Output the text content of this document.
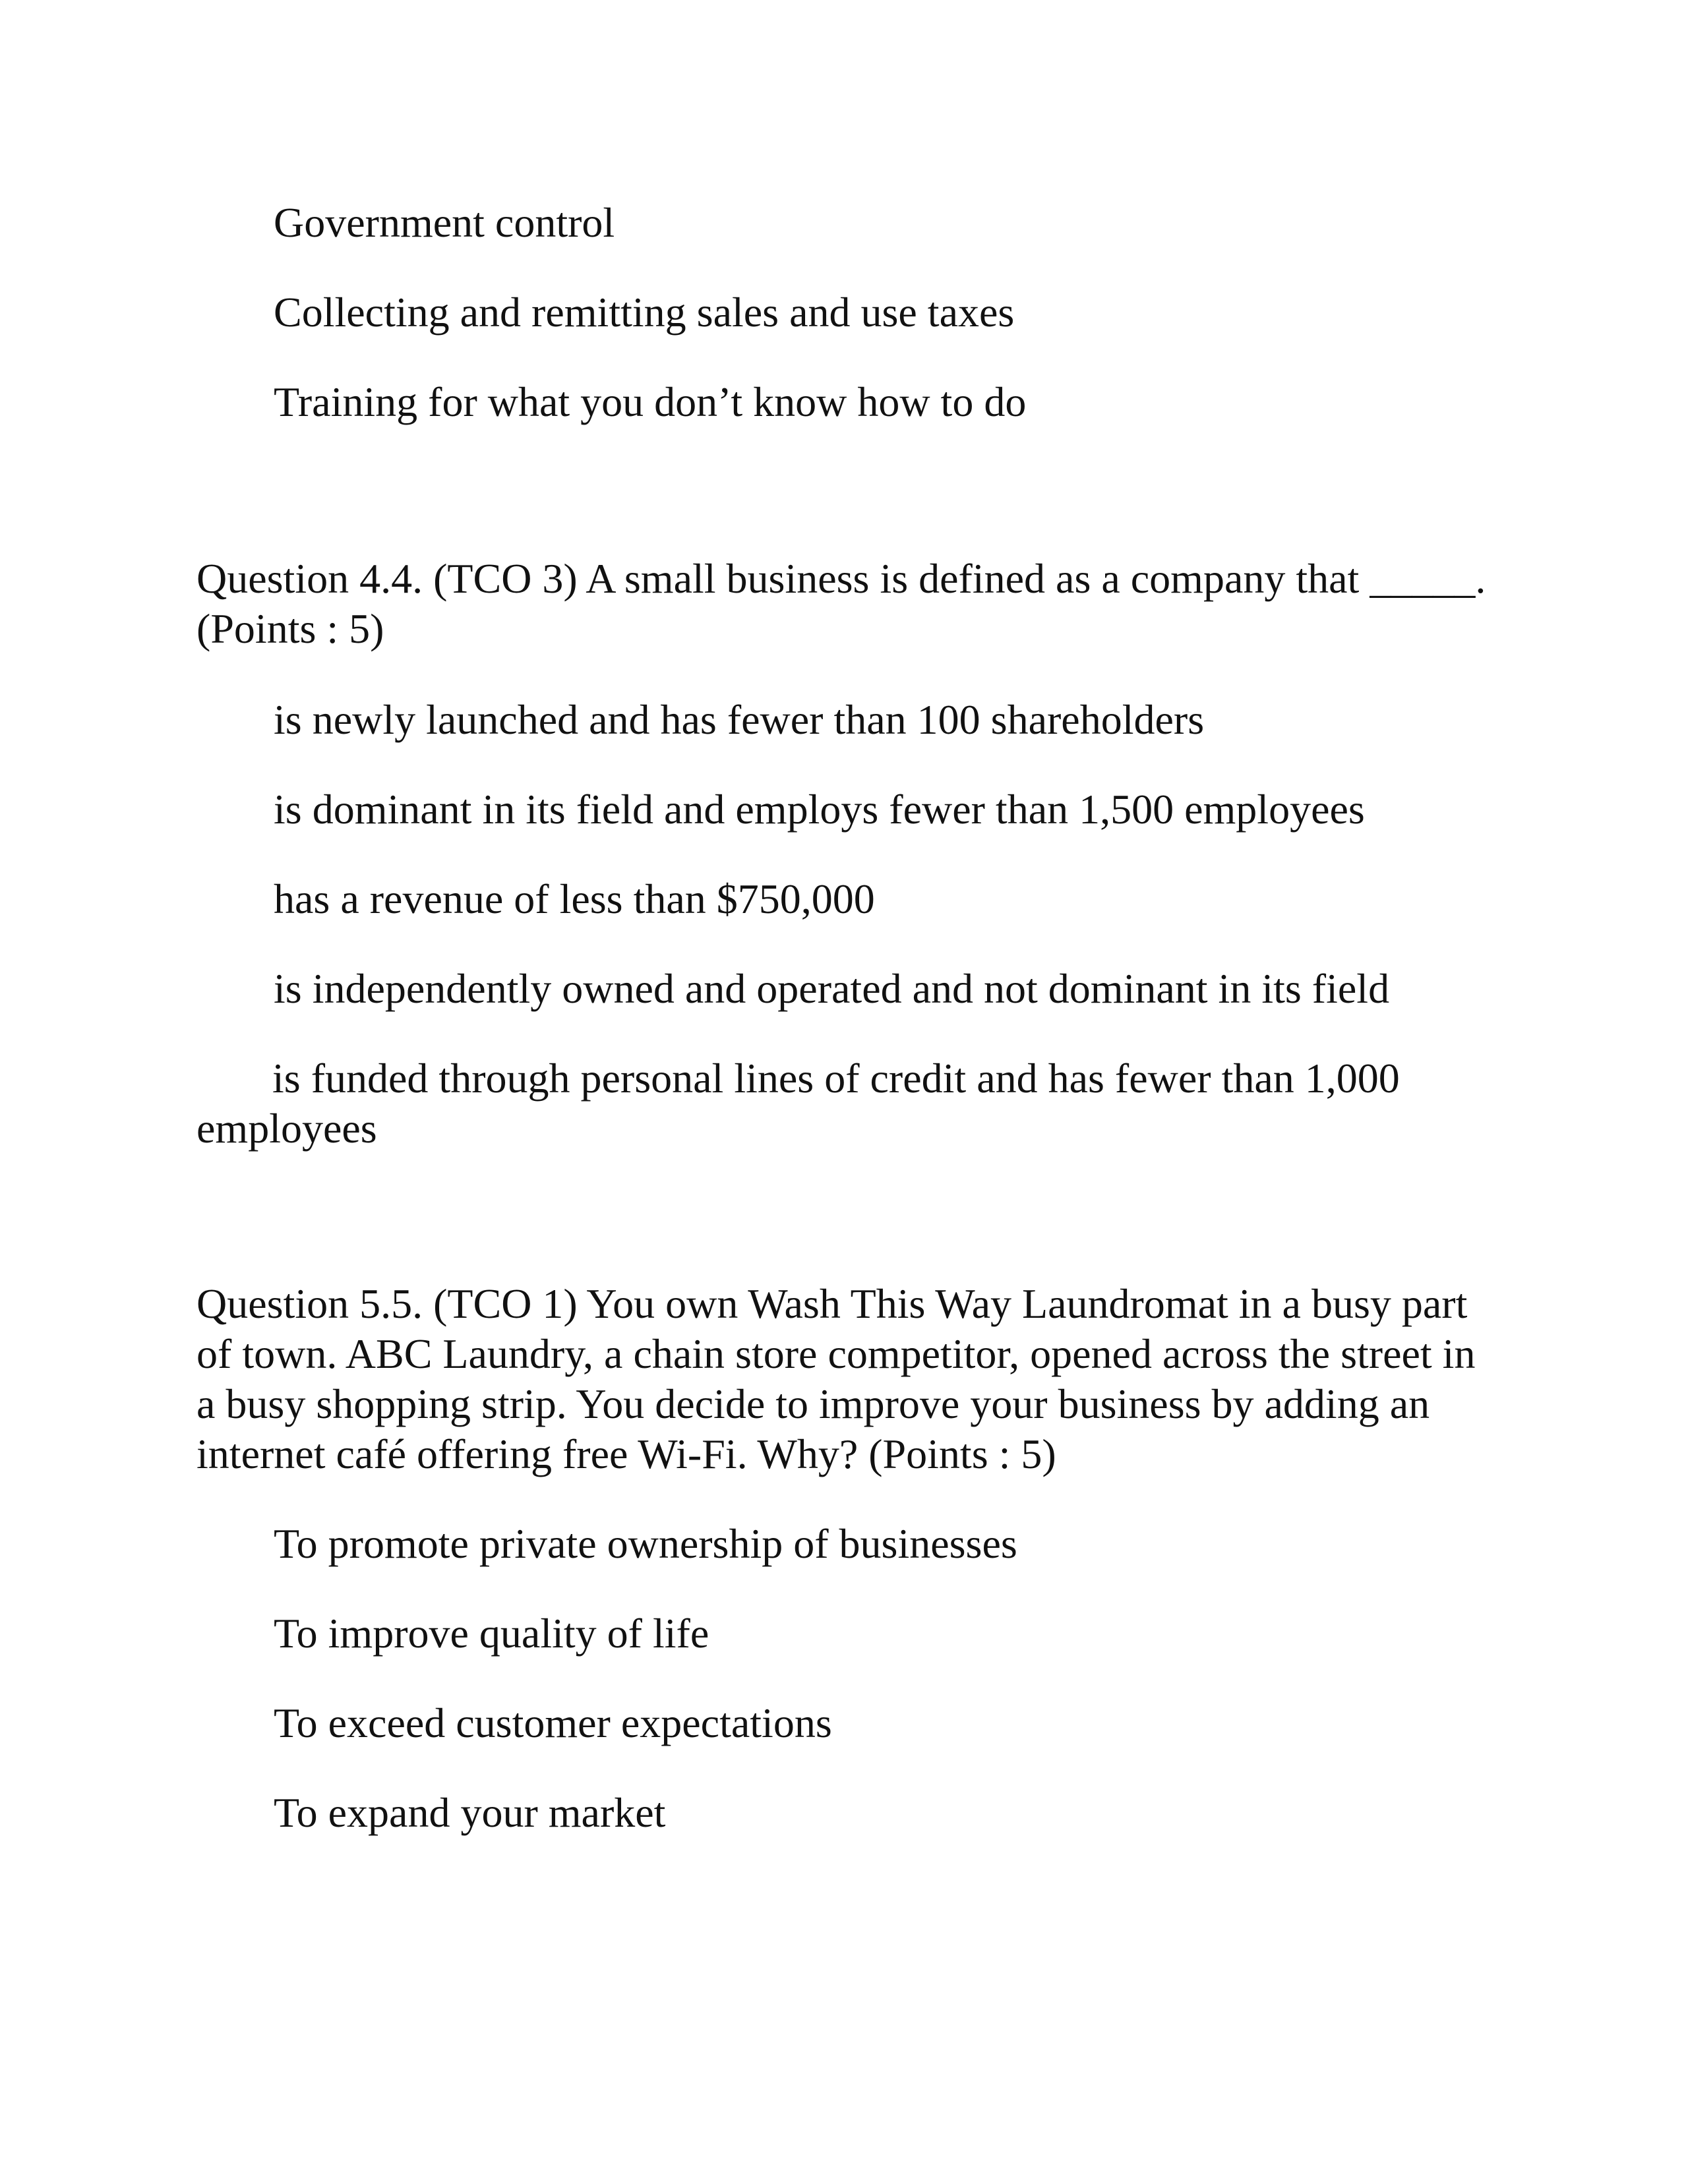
Government control
Collecting and remitting sales and use taxes
Training for what you don’t know how to do
Question 4.4. (TCO 3) A small business is defined as a company that _____. (Points : 5)
is newly launched and has fewer than 100 shareholders
is dominant in its field and employs fewer than 1,500 employees
has a revenue of less than $750,000
is independently owned and operated and not dominant in its field
is funded through personal lines of credit and has fewer than 1,000 employees
Question 5.5. (TCO 1) You own Wash This Way Laundromat in a busy part of town. ABC Laundry, a chain store competitor, opened across the street in a busy shopping strip. You decide to improve your business by adding an internet café offering free Wi-Fi. Why? (Points : 5)
To promote private ownership of businesses
To improve quality of life
To exceed customer expectations
To expand your market
